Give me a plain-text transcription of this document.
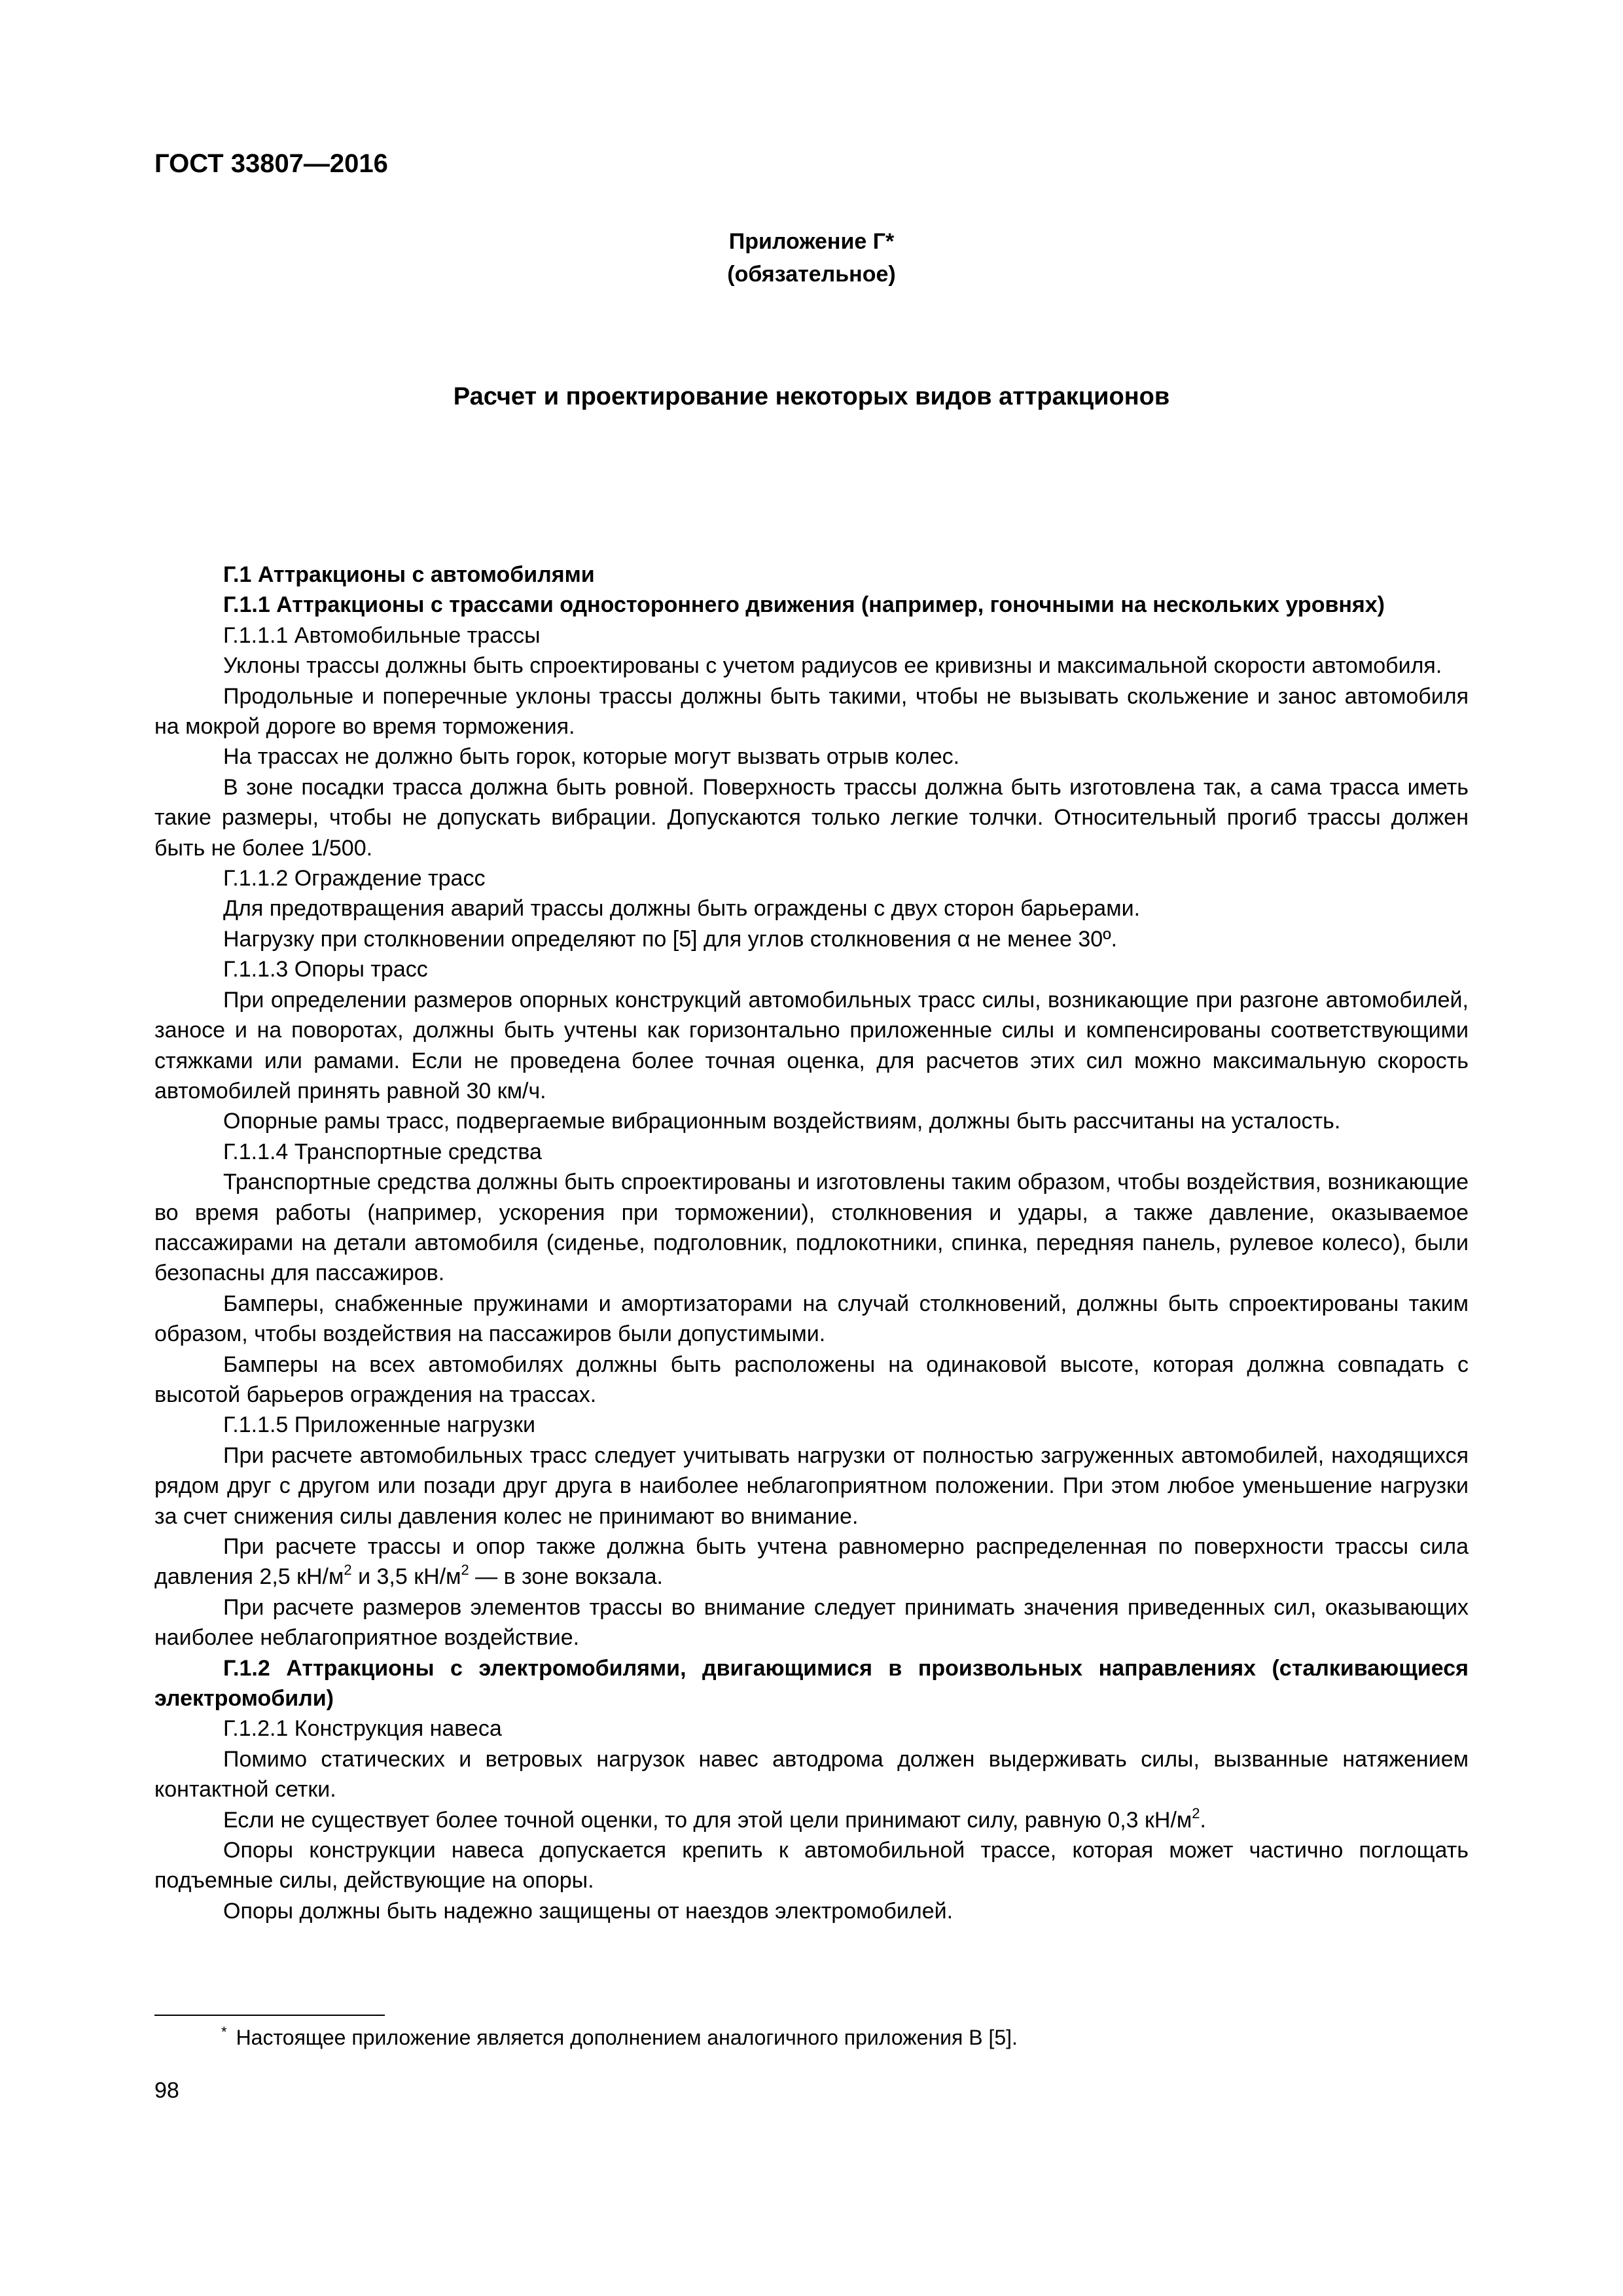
ГОСТ 33807—2016
Приложение Г*
(обязательное)
Расчет и проектирование некоторых видов аттракционов

Г.1 Аттракционы с автомобилями

Г.1.1 Аттракционы с трассами одностороннего движения (например, гоночными на нескольких уровнях)

Г.1.1.1 Автомобильные трассы

Уклоны трассы должны быть спроектированы с учетом радиусов ее кривизны и максимальной скорости автомобиля.

Продольные и поперечные уклоны трассы должны быть такими, чтобы не вызывать скольжение и занос автомобиля на мокрой дороге во время торможения.

На трассах не должно быть горок, которые могут вызвать отрыв колес.

В зоне посадки трасса должна быть ровной. Поверхность трассы должна быть изготовлена так, а сама трасса иметь такие размеры, чтобы не допускать вибрации. Допускаются только легкие толчки. Относительный прогиб трассы должен быть не более 1/500.

Г.1.1.2 Ограждение трасс

Для предотвращения аварий трассы должны быть ограждены с двух сторон барьерами.

Нагрузку при столкновении определяют по [5] для углов столкновения α не менее 30º.

Г.1.1.3 Опоры трасс

При определении размеров опорных конструкций автомобильных трасс силы, возникающие при разгоне автомобилей, заносе и на поворотах, должны быть учтены как горизонтально приложенные силы и компенсированы соответствующими стяжками или рамами. Если не проведена более точная оценка, для расчетов этих сил можно максимальную скорость автомобилей принять равной 30 км/ч.

Опорные рамы трасс, подвергаемые вибрационным воздействиям, должны быть рассчитаны на усталость.

Г.1.1.4 Транспортные средства

Транспортные средства должны быть спроектированы и изготовлены таким образом, чтобы воздействия, возникающие во время работы (например, ускорения при торможении), столкновения и удары, а также давление, оказываемое пассажирами на детали автомобиля (сиденье, подголовник, подлокотники, спинка, передняя панель, рулевое колесо), были безопасны для пассажиров.

Бамперы, снабженные пружинами и амортизаторами на случай столкновений, должны быть спроектированы таким образом, чтобы воздействия на пассажиров были допустимыми.

Бамперы на всех автомобилях должны быть расположены на одинаковой высоте, которая должна совпадать с высотой барьеров ограждения на трассах.

Г.1.1.5 Приложенные нагрузки

При расчете автомобильных трасс следует учитывать нагрузки от полностью загруженных автомобилей, находящихся рядом друг с другом или позади друг друга в наиболее неблагоприятном положении. При этом любое уменьшение нагрузки за счет снижения силы давления колес не принимают во внимание.

При расчете трассы и опор также должна быть учтена равномерно распределенная по поверхности трассы сила давления 2,5 $кН/м^2$ и 3,5 $кН/м^2$ — в зоне вокзала.

При расчете размеров элементов трассы во внимание следует принимать значения приведенных сил, оказывающих наиболее неблагоприятное воздействие.

Г.1.2 Аттракционы с электромобилями, двигающимися в произвольных направлениях (сталкивающиеся электромобили)

Г.1.2.1 Конструкция навеса

Помимо статических и ветровых нагрузок навес автодрома должен выдерживать силы, вызванные натяжением контактной сетки.

Если не существует более точной оценки, то для этой цели принимают силу, равную 0,3 $кН/м^2$.

Опоры конструкции навеса допускается крепить к автомобильной трассе, которая может частично поглощать подъемные силы, действующие на опоры.

Опоры должны быть надежно защищены от наездов электромобилей.

* Настоящее приложение является дополнением аналогичного приложения В [5].
98
